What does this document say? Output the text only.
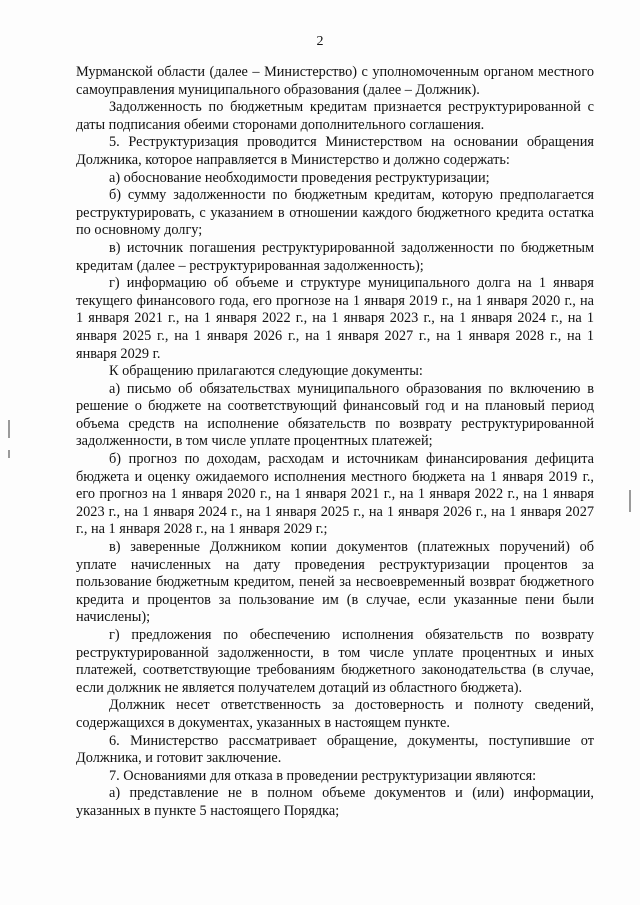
2

Мурманской области (далее – Министерство) с уполномоченным органом местного самоуправления муниципального образования (далее – Должник).

Задолженность по бюджетным кредитам признается реструктурированной с даты подписания обеими сторонами дополнительного соглашения.

5. Реструктуризация проводится Министерством на основании обращения Должника, которое направляется в Министерство и должно содержать:

а) обоснование необходимости проведения реструктуризации;

б) сумму задолженности по бюджетным кредитам, которую предполагается реструктурировать, с указанием в отношении каждого бюджетного кредита остатка по основному долгу;

в) источник погашения реструктурированной задолженности по бюджетным кредитам (далее – реструктурированная задолженность);

г) информацию об объеме и структуре муниципального долга на 1 января текущего финансового года, его прогнозе на 1 января 2019 г., на 1 января 2020 г., на 1 января 2021 г., на 1 января 2022 г., на 1 января 2023 г., на 1 января 2024 г., на 1 января 2025 г., на 1 января 2026 г., на 1 января 2027 г., на 1 января 2028 г., на 1 января 2029 г.

К обращению прилагаются следующие документы:

а) письмо об обязательствах муниципального образования по включению в решение о бюджете на соответствующий финансовый год и на плановый период объема средств на исполнение обязательств по возврату реструктурированной задолженности, в том числе уплате процентных платежей;

б) прогноз по доходам, расходам и источникам финансирования дефицита бюджета и оценку ожидаемого исполнения местного бюджета на 1 января 2019 г., его прогноз на 1 января 2020 г., на 1 января 2021 г., на 1 января 2022 г., на 1 января 2023 г., на 1 января 2024 г., на 1 января 2025 г., на 1 января 2026 г., на 1 января 2027 г., на 1 января 2028 г., на 1 января 2029 г.;

в) заверенные Должником копии документов (платежных поручений) об уплате начисленных на дату проведения реструктуризации процентов за пользование бюджетным кредитом, пеней за несвоевременный возврат бюджетного кредита и процентов за пользование им (в случае, если указанные пени были начислены);

г) предложения по обеспечению исполнения обязательств по возврату реструктурированной задолженности, в том числе уплате процентных и иных платежей, соответствующие требованиям бюджетного законодательства (в случае, если должник не является получателем дотаций из областного бюджета).

Должник несет ответственность за достоверность и полноту сведений, содержащихся в документах, указанных в настоящем пункте.

6. Министерство рассматривает обращение, документы, поступившие от Должника, и готовит заключение.

7. Основаниями для отказа в проведении реструктуризации являются:

а) представление не в полном объеме документов и (или) информации, указанных в пункте 5 настоящего Порядка;
